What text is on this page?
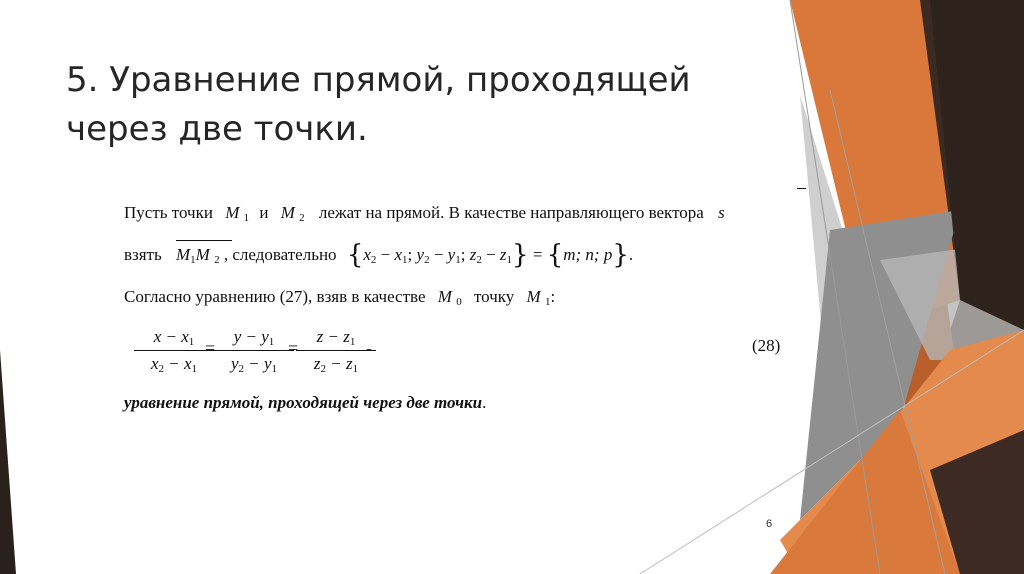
5. Уравнение прямой, проходящей через две точки.
Пусть точки M $_1$ и M $_2$ лежат на прямой. В качестве направляющего вектора s
взять $M_1M$ $_2$ , следовательно {$x_2 - x_1$; $y_2 - y_1$; $z_2 - z_1\} = \{m$; n; p}.
Согласно уравнению (27), взяв в качестве M $_0$ точку M $_1$:
$x - x_1$
$x_2 - x_1$
=
$y - y_1$
$y_2 - y_1$
=
$z - z_1$
$z_2 - z_1$
-	(28)
уравнение прямой, проходящей через две точки.
6
